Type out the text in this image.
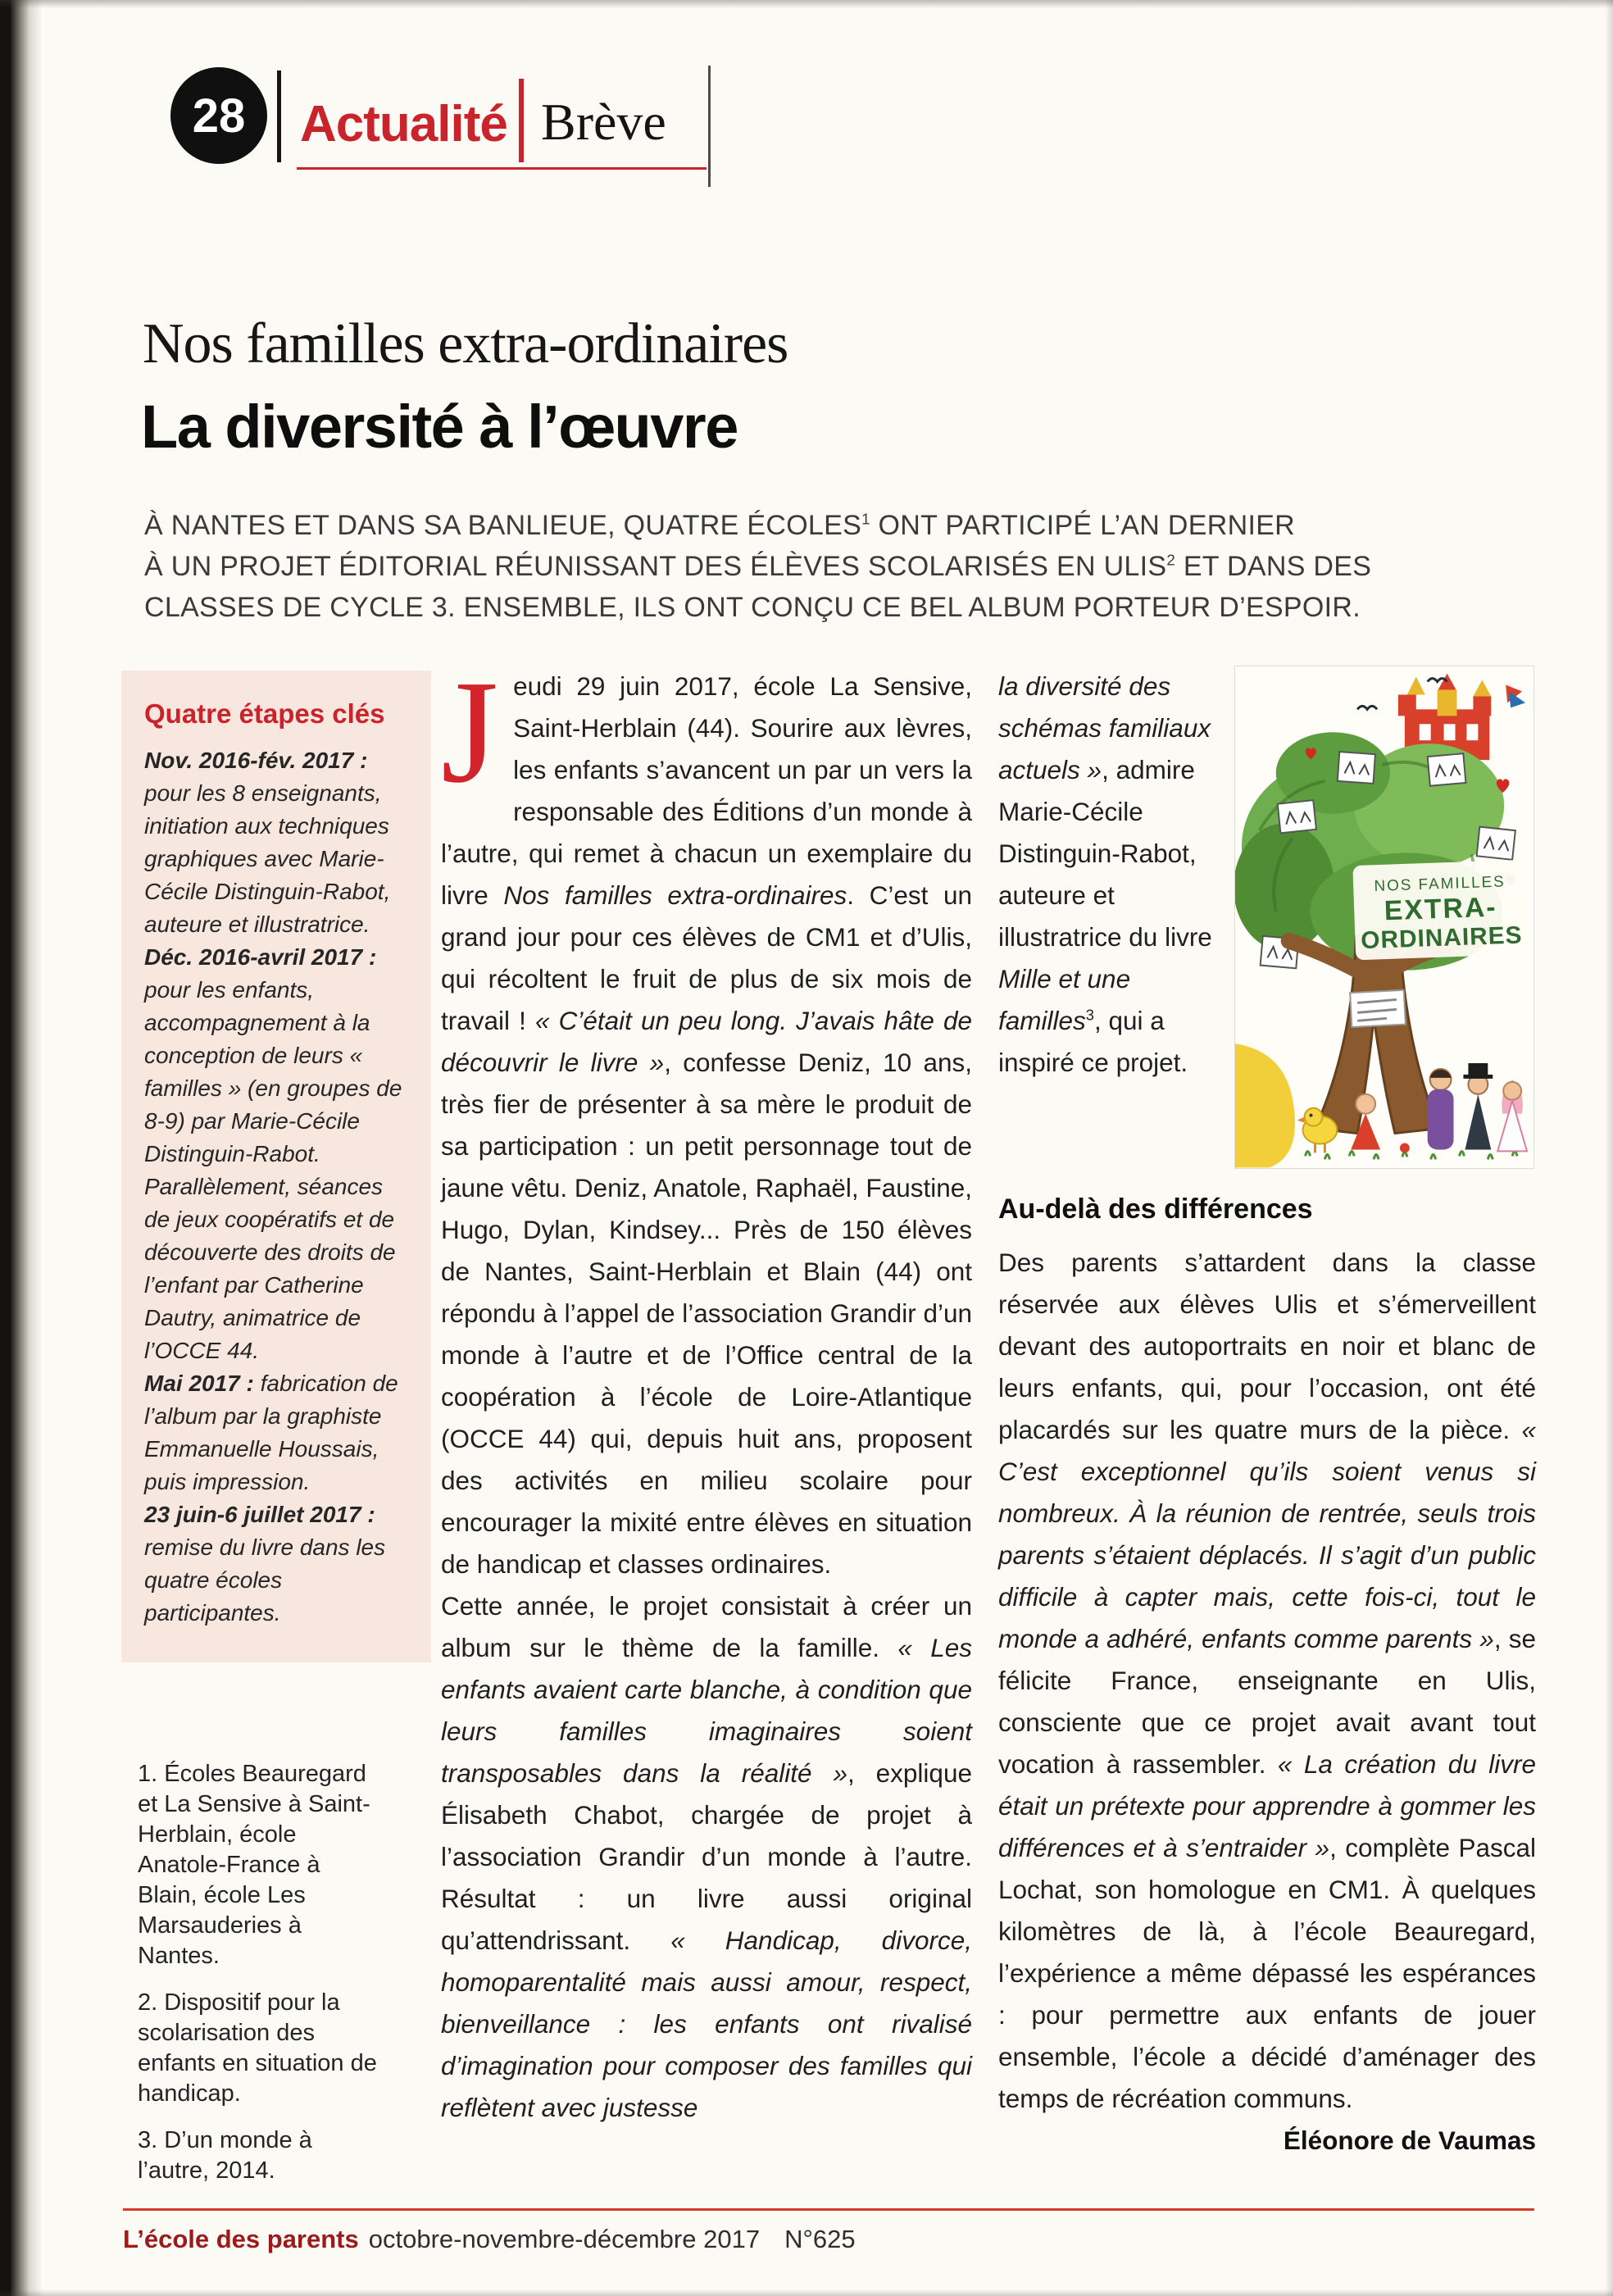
28 Actualité Brève
Nos familles extra-ordinaires
La diversité à l’œuvre

À NANTES ET DANS SA BANLIEUE, QUATRE ÉCOLES$^1$ ONT PARTICIPÉ L’AN DERNIER
À UN PROJET ÉDITORIAL RÉUNISSANT DES ÉLÈVES SCOLARISÉS EN ULIS$^2$ ET DANS DES
CLASSES DE CYCLE 3. ENSEMBLE, ILS ONT CONÇU CE BEL ALBUM PORTEUR D’ESPOIR.

Quatre étapes clés

Nov. 2016-fév. 2017 : pour les 8 enseignants, initiation aux techniques graphiques avec Marie-Cécile Distinguin-Rabot, auteure et illustratrice.

Déc. 2016-avril 2017 : pour les enfants, accompagnement à la conception de leurs « familles » (en groupes de 8-9) par Marie-Cécile Distinguin-Rabot. Parallèlement, séances de jeux coopératifs et de découverte des droits de l’enfant par Catherine Dautry, animatrice de l’OCCE 44.

Mai 2017 : fabrication de l’album par la graphiste Emmanuelle Houssais, puis impression.

23 juin-6 juillet 2017 : remise du livre dans les quatre écoles participantes.

Jeudi 29 juin 2017, école La Sensive, Saint-Herblain (44). Sourire aux lèvres, les enfants s’avancent un par un vers la responsable des Éditions d’un monde à l’autre, qui remet à chacun un exemplaire du livre Nos familles extra-ordinaires. C’est un grand jour pour ces élèves de CM1 et d’Ulis, qui récoltent le fruit de plus de six mois de travail ! « C’était un peu long. J’avais hâte de découvrir le livre », confesse Deniz, 10 ans, très fier de présenter à sa mère le produit de sa participation : un petit personnage tout de jaune vêtu. Deniz, Anatole, Raphaël, Faustine, Hugo, Dylan, Kindsey... Près de 150 élèves de Nantes, Saint-Herblain et Blain (44) ont répondu à l’appel de l’association Grandir d’un monde à l’autre et de l’Office central de la coopération à l’école de Loire-Atlantique (OCCE 44) qui, depuis huit ans, proposent des activités en milieu scolaire pour encourager la mixité entre élèves en situation de handicap et classes ordinaires.

Cette année, le projet consistait à créer un album sur le thème de la famille. « Les enfants avaient carte blanche, à condition que leurs familles imaginaires soient transposables dans la réalité », explique Élisabeth Chabot, chargée de projet à l’association Grandir d’un monde à l’autre. Résultat : un livre aussi original qu’attendrissant. « Handicap, divorce, homoparentalité mais aussi amour, respect, bienveillance : les enfants ont rivalisé d’imagination pour composer des familles qui reflètent avec justesse

la diversité des schémas familiaux actuels », admire Marie-Cécile Distinguin-Rabot, auteure et illustratrice du livre Mille et une familles$^3$, qui a inspiré ce projet.

NOS FAMILLES
EXTRA-
ORDINAIRES
Au-delà des différences

Des parents s’attardent dans la classe réservée aux élèves Ulis et s’émerveillent devant des autoportraits en noir et blanc de leurs enfants, qui, pour l’occasion, ont été placardés sur les quatre murs de la pièce. « C’est exceptionnel qu’ils soient venus si nombreux. À la réunion de rentrée, seuls trois parents s’étaient déplacés. Il s’agit d’un public difficile à capter mais, cette fois-ci, tout le monde a adhéré, enfants comme parents », se félicite France, enseignante en Ulis, consciente que ce projet avait avant tout vocation à rassembler. « La création du livre était un prétexte pour apprendre à gommer les différences et à s’entraider », complète Pascal Lochat, son homologue en CM1. À quelques kilomètres de là, à l’école Beauregard, l’expérience a même dépassé les espérances : pour permettre aux enfants de jouer ensemble, l’école a décidé d’aménager des temps de récréation communs.
Éléonore de Vaumas

1. Écoles Beauregard et La Sensive à Saint-Herblain, école Anatole-France à Blain, école Les Marsauderies à Nantes.

2. Dispositif pour la scolarisation des enfants en situation de handicap.

3. D’un monde à l’autre, 2014.

L’école des parents octobre-novembre-décembre 2017 N°625
